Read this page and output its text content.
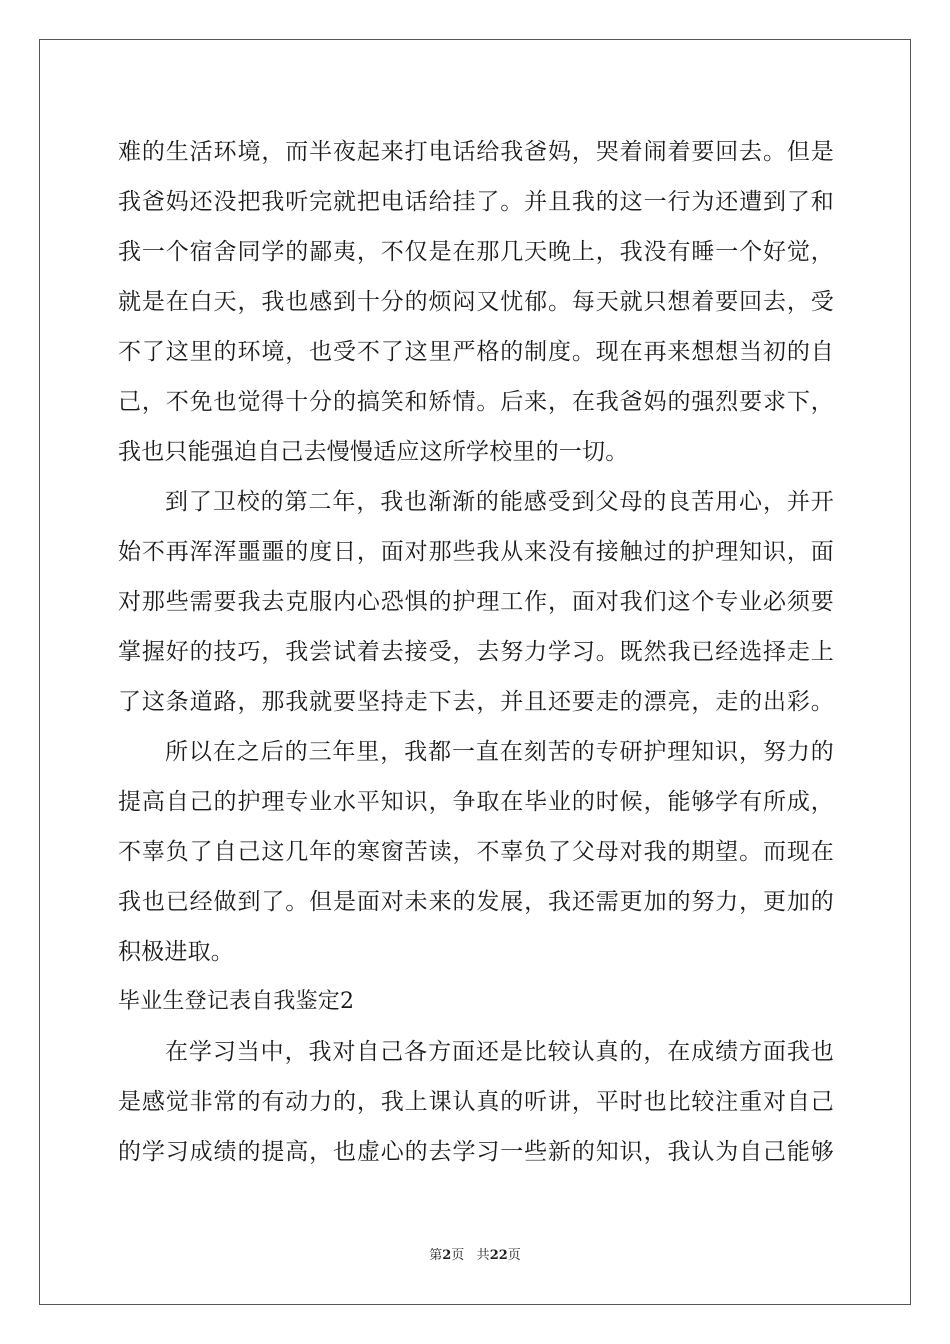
难的生活环境，而半夜起来打电话给我爸妈，哭着闹着要回去。但是
我爸妈还没把我听完就把电话给挂了。并且我的这一行为还遭到了和
我一个宿舍同学的鄙夷，不仅是在那几天晚上，我没有睡一个好觉，
就是在白天，我也感到十分的烦闷又忧郁。每天就只想着要回去，受
不了这里的环境，也受不了这里严格的制度。现在再来想想当初的自
己，不免也觉得十分的搞笑和矫情。后来，在我爸妈的强烈要求下，
我也只能强迫自己去慢慢适应这所学校里的一切。
到了卫校的第二年，我也渐渐的能感受到父母的良苦用心，并开
始不再浑浑噩噩的度日，面对那些我从来没有接触过的护理知识，面
对那些需要我去克服内心恐惧的护理工作，面对我们这个专业必须要
掌握好的技巧，我尝试着去接受，去努力学习。既然我已经选择走上
了这条道路，那我就要坚持走下去，并且还要走的漂亮，走的出彩。
所以在之后的三年里，我都一直在刻苦的专研护理知识，努力的
提高自己的护理专业水平知识，争取在毕业的时候，能够学有所成，
不辜负了自己这几年的寒窗苦读，不辜负了父母对我的期望。而现在
我也已经做到了。但是面对未来的发展，我还需更加的努力，更加的
积极进取。
毕业生登记表自我鉴定2
在学习当中，我对自己各方面还是比较认真的，在成绩方面我也
是感觉非常的有动力的，我上课认真的听讲，平时也比较注重对自己
的学习成绩的提高，也虚心的去学习一些新的知识，我认为自己能够
第2页 共22页
